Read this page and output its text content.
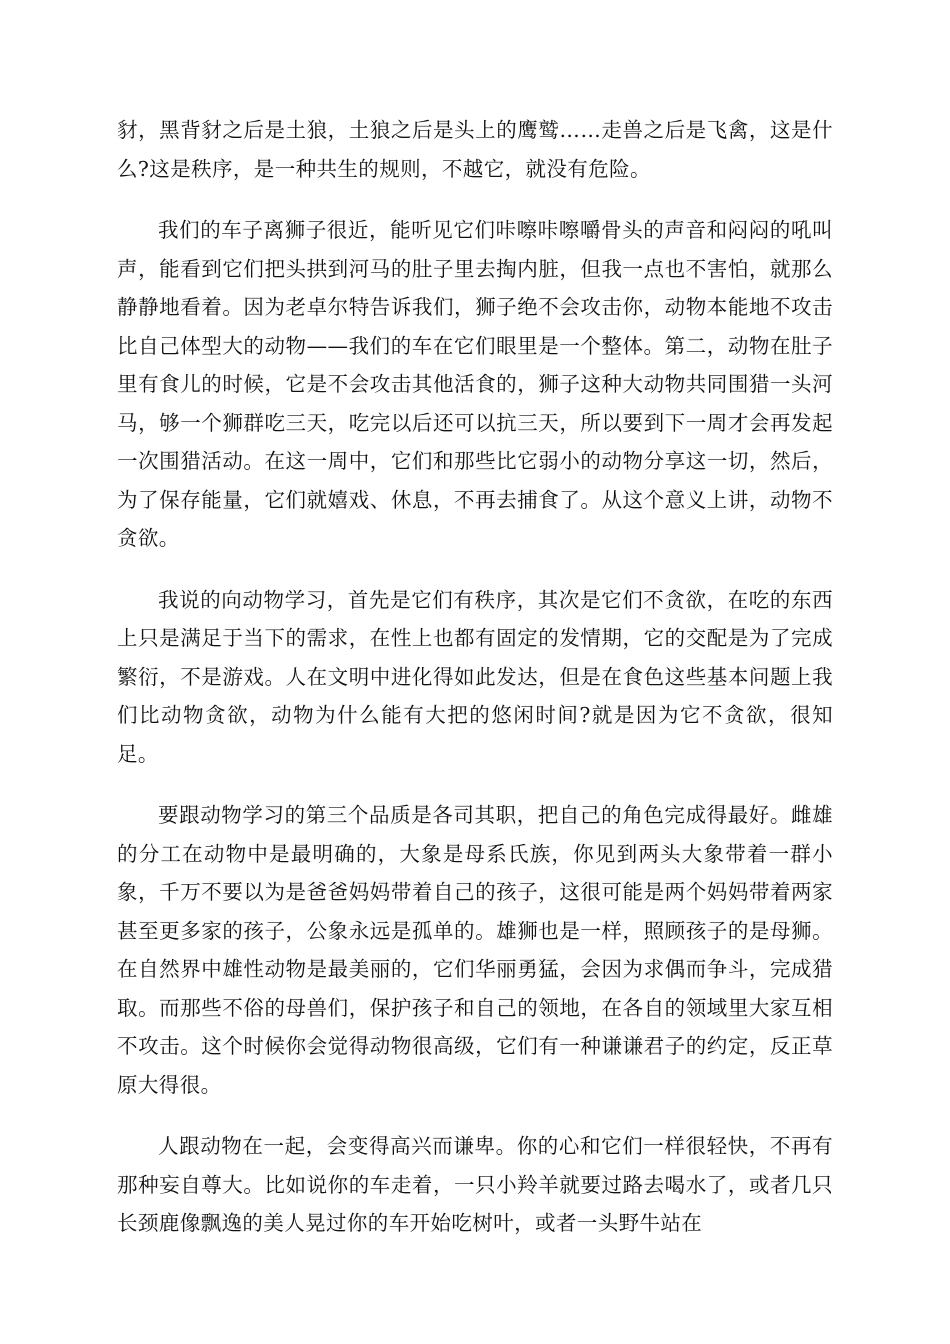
豺，黑背豺之后是土狼，土狼之后是头上的鹰鹫……走兽之后是飞禽，这是什么?这是秩序，是一种共生的规则，不越它，就没有危险。

我们的车子离狮子很近，能听见它们咔嚓咔嚓嚼骨头的声音和闷闷的吼叫声，能看到它们把头拱到河马的肚子里去掏内脏，但我一点也不害怕，就那么静静地看着。因为老卓尔特告诉我们，狮子绝不会攻击你，动物本能地不攻击比自己体型大的动物——我们的车在它们眼里是一个整体。第二，动物在肚子里有食儿的时候，它是不会攻击其他活食的，狮子这种大动物共同围猎一头河马，够一个狮群吃三天，吃完以后还可以抗三天，所以要到下一周才会再发起一次围猎活动。在这一周中，它们和那些比它弱小的动物分享这一切，然后，为了保存能量，它们就嬉戏、休息，不再去捕食了。从这个意义上讲，动物不贪欲。

我说的向动物学习，首先是它们有秩序，其次是它们不贪欲，在吃的东西上只是满足于当下的需求，在性上也都有固定的发情期，它的交配是为了完成繁衍，不是游戏。人在文明中进化得如此发达，但是在食色这些基本问题上我们比动物贪欲，动物为什么能有大把的悠闲时间?就是因为它不贪欲，很知足。

要跟动物学习的第三个品质是各司其职，把自己的角色完成得最好。雌雄的分工在动物中是最明确的，大象是母系氏族，你见到两头大象带着一群小象，千万不要以为是爸爸妈妈带着自己的孩子，这很可能是两个妈妈带着两家甚至更多家的孩子，公象永远是孤单的。雄狮也是一样，照顾孩子的是母狮。在自然界中雄性动物是最美丽的，它们华丽勇猛，会因为求偶而争斗，完成猎取。而那些不俗的母兽们，保护孩子和自己的领地，在各自的领域里大家互相不攻击。这个时候你会觉得动物很高级，它们有一种谦谦君子的约定，反正草原大得很。

人跟动物在一起，会变得高兴而谦卑。你的心和它们一样很轻快，不再有那种妄自尊大。比如说你的车走着，一只小羚羊就要过路去喝水了，或者几只长颈鹿像飘逸的美人晃过你的车开始吃树叶，或者一头野牛站在
